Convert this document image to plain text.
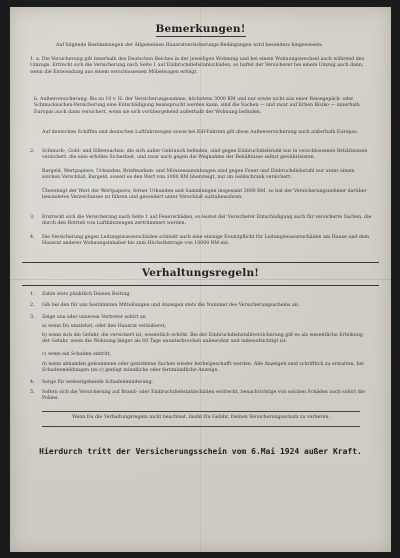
Bemerkungen!
Auf folgende Bestimmungen der Allgemeinen Hausratversicherungs-Bedingungen wird besonders hingewiesen:
1. a. Die Versicherung gilt innerhalb des Deutschen Reiches in der jeweiligen Wohnung und bei einem Wohnungswechsel auch während des Umzugs. Ertrecht sich die Versicherung nach Seite 1 auf Einbruchdiebstahlschäden, so haftet der Versicherer bei einem Umzug auch dann, wenn die Entwendung aus einem verschlossenen Möbelwagen erfolgt.
b. Außenversicherung. Bis zu 10 v. H. der Versicherungssumme, höchstens 3000 RM und nur sowie nicht aus einer Reisegepäck- oder Schmucksachen-Versicherung eine Entschädigung beansprucht werden kann, sind die Sachen — und zwar auf Erben Risiko — innerhalb Europas auch dann versichert, wenn sie sich vorübergehend außerhalb der Wohnung befinden.
Auf deutschen Schiffen und deutschen Luftfahrzeugen sowie bei Kdf-Fahrten gilt diese Außenversicherung auch außerhalb Europas.
2. Schmuck-, Gold- und Silbersachen, die sich außer Gebrauch befinden, sind gegen Einbruchdiebstahl nur in verschlossenen Behältnissen versichert, die eine erhöhte Sicherheit, und zwar auch gegen die Wegnahme der Behältnisse selbst gewährleisten.
Bargeld, Wertpapiere, Urkunden, Briefmarken- und Münzensammlungen sind gegen Feuer und Einbruchdiebstahl nur unter einem solchen Verschluß, Bargeld, soweit es den Wert von 1000 RM übersteigt, nur im Geldschrank versichert.
Übersteigt der Wert der Wertpapiere, ferner Urkunden und Sammlungen insgesamt 3000 RM, so hat der Versicherungsnehmer darüber besonderes Verzeichnisse zu führen und gesondert unter Verschluß aufzubewahren.
3. Erstreckt sich die Versicherung nach Seite 1 auf Feuerschäden, so leistet der Versicherer Entschädigung auch für versicherte Sachen, die durch den Betrieb von Luftfahrzeugen zertrümmert werden.
4. Die Versicherung gegen Leitungswasserschäden schließt auch eine etwaige Ersatzpflicht für Leitungswasserschäden am Hause und dem Hausrat anderer Wohnungsinhaber bis zum Höchstbetrage von 10000 RM ein.
Verhaltungsregeln!
1. Zahle stets pünktlich Deinen Beitrag.
2. Gib bei den für uns bestimmten Mitteilungen und Anzeigen stets die Nummer des Versicherungsscheins an.
3. Zeige uns oder unserem Vertreter sofort an
a) wenn Du umziehst, oder den Hausrat veräußerst;
b) wenn sich die Gefahr, die versichert ist, wesentlich erhöht. Bei der Einbruchdiebstahlversicherung gilt es als wesentliche Erhöhung der Gefahr, wenn die Wohnung länger als 60 Tage ununterbrochen unbewohnt und unbeaufsichtigt ist.
c) wenn ein Schaden eintritt,
d) wenn abhanden gekommene oder gestohlene Sachen wieder herbeigeschafft werden. Alle Anzeigen sind schriftlich zu erstatten, bei Schadenmeldungen (zu c) genügt mündliche oder fernmündliche Anzeige.
4. Sorge für weitestgehende Schadenminderung.
5. Sofern sich die Versicherung auf Brand- oder Einbruchdiebstahlschäden erstreckt, benachrichtige von solchen Schäden auch sofort die Polizei.
Wenn Du die Verhaltungsregeln nicht beachtest, läufst Du Gefahr, Deinen Versicherungsschutz zu verlieren.
Hierdurch tritt der Versicherungsschein vom 6.Mai 1924 außer Kraft.
